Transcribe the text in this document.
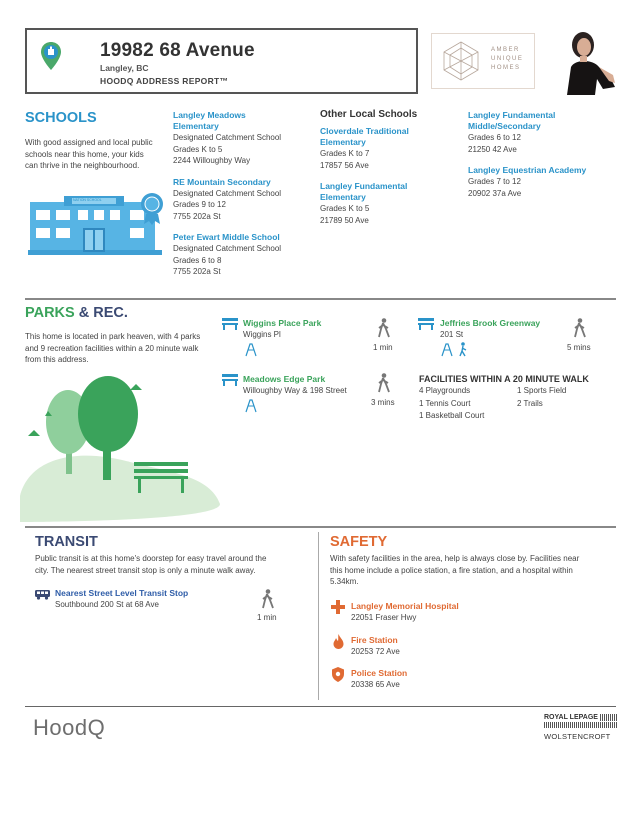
19982 68 Avenue
Langley, BC
HOODQ ADDRESS REPORT™
AMBER
UNIQUE
HOMES
SCHOOLS
With good assigned and local public
schools near this home, your kids
can thrive in the neighbourhood.
NATION SCHOOL
Langley Meadows
Elementary
Designated Catchment School
Grades K to 5
2244 Willoughby Way
RE Mountain Secondary
Designated Catchment School
Grades 9 to 12
7755 202a St
Peter Ewart Middle School
Designated Catchment School
Grades 6 to 8
7755 202a St
Other Local Schools
Cloverdale Traditional
Elementary
Grades K to 7
17857 56 Ave
Langley Fundamental
Elementary
Grades K to 5
21789 50 Ave
Langley Fundamental
Middle/Secondary
Grades 6 to 12
21250 42 Ave
Langley Equestrian Academy
Grades 7 to 12
20902 37a Ave
PARKS & REC.
This home is located in park heaven, with 4 parks
and 9 recreation facilities within a 20 minute walk
from this address.
Wiggins Place Park
Wiggins Pl
1 min
Meadows Edge Park
Willoughby Way & 198 Street
3 mins
Jeffries Brook Greenway
201 St
5 mins
FACILITIES WITHIN A 20 MINUTE WALK
4 Playgrounds
1 Tennis Court
1 Basketball Court
1 Sports Field
2 Trails
TRANSIT
Public transit is at this home's doorstep for easy travel around the
city. The nearest street transit stop is only a minute walk away.
Nearest Street Level Transit Stop
Southbound 200 St at 68 Ave
1 min
SAFETY
With safety facilities in the area, help is always close by. Facilities near
this home include a police station, a fire station, and a hospital within
5.34km.
Langley Memorial Hospital
22051 Fraser Hwy
Fire Station
20253 72 Ave
Police Station
20338 65 Ave
HoodQ	ROYAL LEPAGE
WOLSTENCROFT
